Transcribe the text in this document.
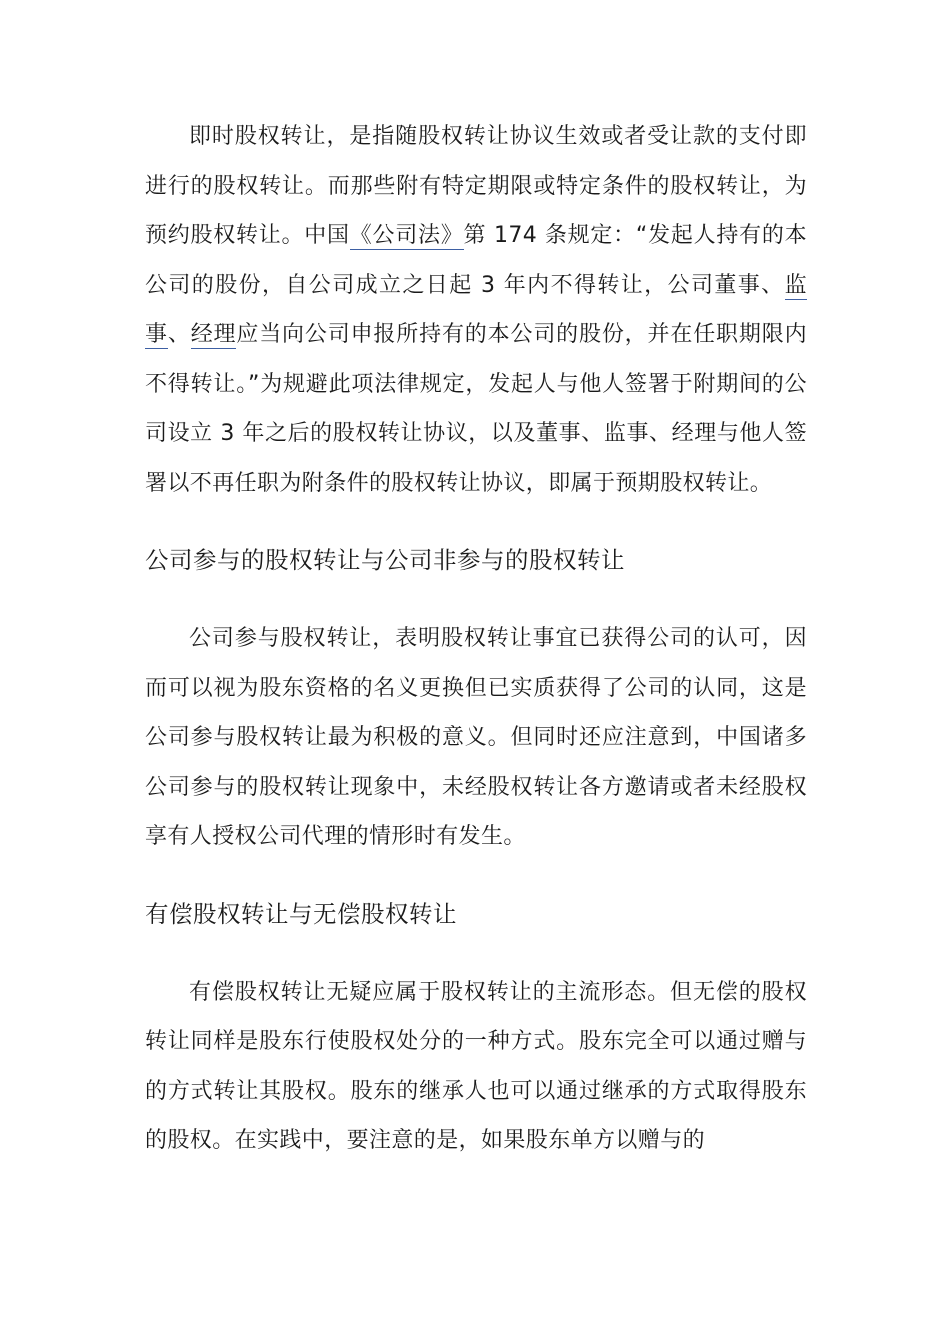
即时股权转让，是指随股权转让协议生效或者受让款的支付即进行的股权转让。而那些附有特定期限或特定条件的股权转让，为预约股权转让。中国《公司法》第 174 条规定：“发起人持有的本公司的股份，自公司成立之日起 3 年内不得转让，公司董事、监事、经理应当向公司申报所持有的本公司的股份，并在任职期限内不得转让。”为规避此项法律规定，发起人与他人签署于附期间的公司设立 3 年之后的股权转让协议，以及董事、监事、经理与他人签署以不再任职为附条件的股权转让协议，即属于预期股权转让。

公司参与的股权转让与公司非参与的股权转让

公司参与股权转让，表明股权转让事宜已获得公司的认可，因而可以视为股东资格的名义更换但已实质获得了公司的认同，这是公司参与股权转让最为积极的意义。但同时还应注意到，中国诸多公司参与的股权转让现象中，未经股权转让各方邀请或者未经股权享有人授权公司代理的情形时有发生。

有偿股权转让与无偿股权转让

有偿股权转让无疑应属于股权转让的主流形态。但无偿的股权转让同样是股东行使股权处分的一种方式。股东完全可以通过赠与的方式转让其股权。股东的继承人也可以通过继承的方式取得股东的股权。在实践中，要注意的是，如果股东单方以赠与的
